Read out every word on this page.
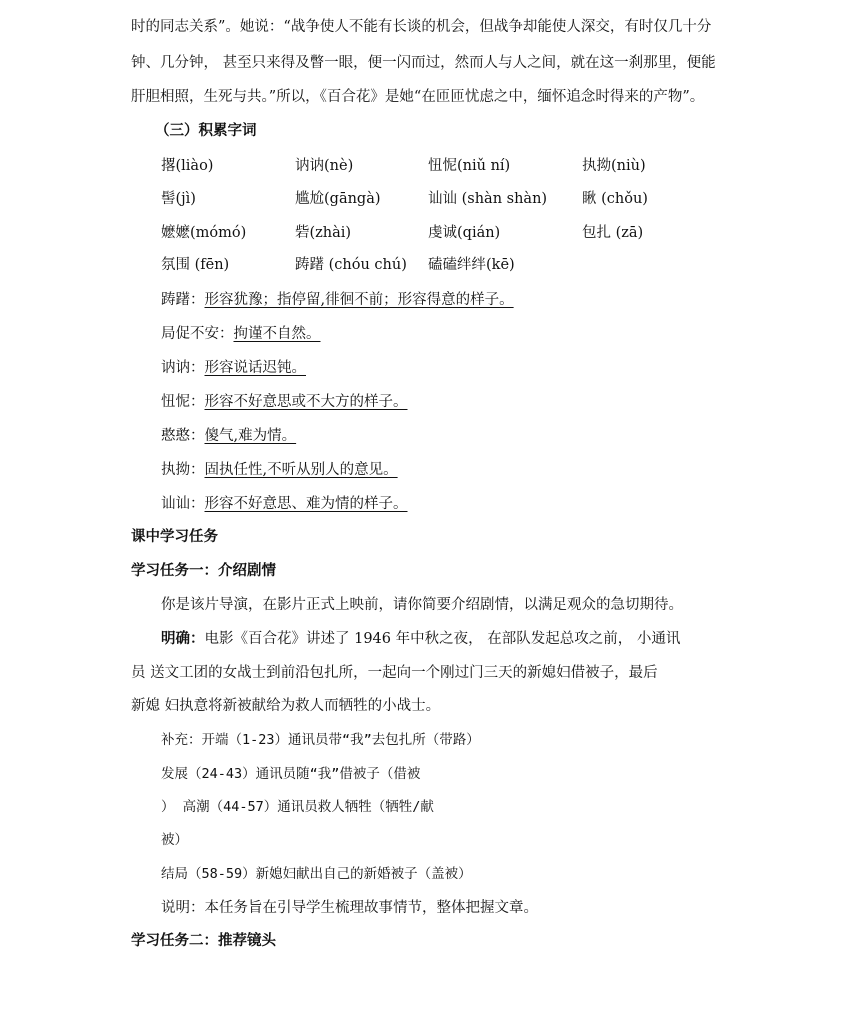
时的同志关系”。她说：“战争使人不能有长谈的机会，但战争却能使人深交，有时仅几十分
钟、几分钟， 甚至只来得及瞥一眼，便一闪而过，然而人与人之间，就在这一刹那里，便能
肝胆相照，生死与共。”所以，《百合花》是她“在匝匝忧虑之中，缅怀追念时得来的产物”。
（三）积累字词
撂(liào)	讷讷(nè)	忸怩(niǔ ní)	执拗(niù)
髻(jì)	尴尬(gāngà)	讪讪 (shàn shàn) 瞅 (chǒu)
嬷嬷(mómó)	砦(zhài)	虔诚(qián)	包扎 (zā)
氛围 (fēn)	踌躇 (chóu chú) 磕磕绊绊(kē)
踌躇：形容犹豫；指停留,徘徊不前；形容得意的样子。
局促不安：拘谨不自然。
讷讷：形容说话迟钝。
忸怩：形容不好意思或不大方的样子。
憨憨：傻气,难为情。
执拗：固执任性,不听从别人的意见。
讪讪：形容不好意思、难为情的样子。
课中学习任务
学习任务一：介绍剧情
你是该片导演，在影片正式上映前，请你简要介绍剧情，以满足观众的急切期待。
明确：电影《百合花》讲述了 1946 年中秋之夜， 在部队发起总攻之前， 小通讯
员 送文工团的女战士到前沿包扎所，一起向一个刚过门三天的新媳妇借被子，最后
新媳 妇执意将新被献给为救人而牺牲的小战士。
补充：开端（1-23）通讯员带“我”去包扎所（带路）
发展（24-43）通讯员随“我”借被子（借被
） 高潮（44-57）通讯员救人牺牲（牺牲/献
被）
结局（58-59）新媳妇献出自己的新婚被子（盖被）
说明：本任务旨在引导学生梳理故事情节，整体把握文章。
学习任务二：推荐镜头
